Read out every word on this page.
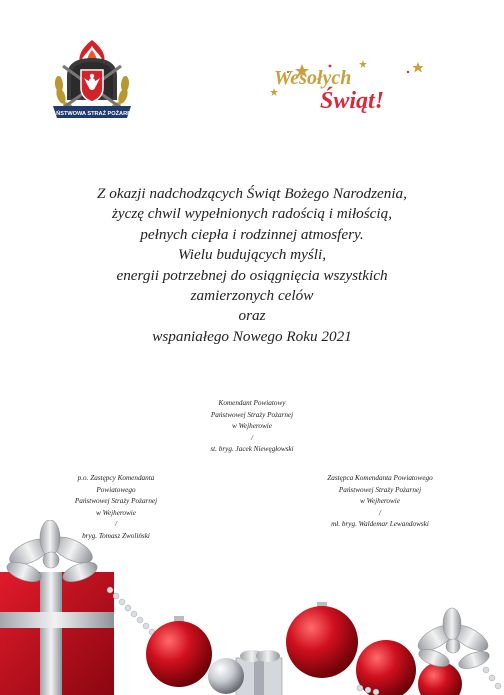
PAŃSTWOWA STRAŻ POŻARNA
Wesołych
Świąt!
Z okazji nadchodzących Świąt Bożego Narodzenia,
życzę chwil wypełnionych radością i miłością,
pełnych ciepła i rodzinnej atmosfery.
Wielu budujących myśli,
energii potrzebnej do osiągnięcia wszystkich
zamierzonych celów
oraz
wspaniałego Nowego Roku 2021
Komendant Powiatowy
Państwowej Straży Pożarnej
w Wejherowie
/
st. bryg. Jacek Niewęgłowski
p.o. Zastępcy Komendanta
Powiatowego
Państwowej Straży Pożarnej
w Wejherowie
/
bryg. Tomasz Zwoliński
Zastępca Komendanta Powiatowego
Państwowej Straży Pożarnej
w Wejherowie
/
mł. bryg. Waldemar Lewandowski
